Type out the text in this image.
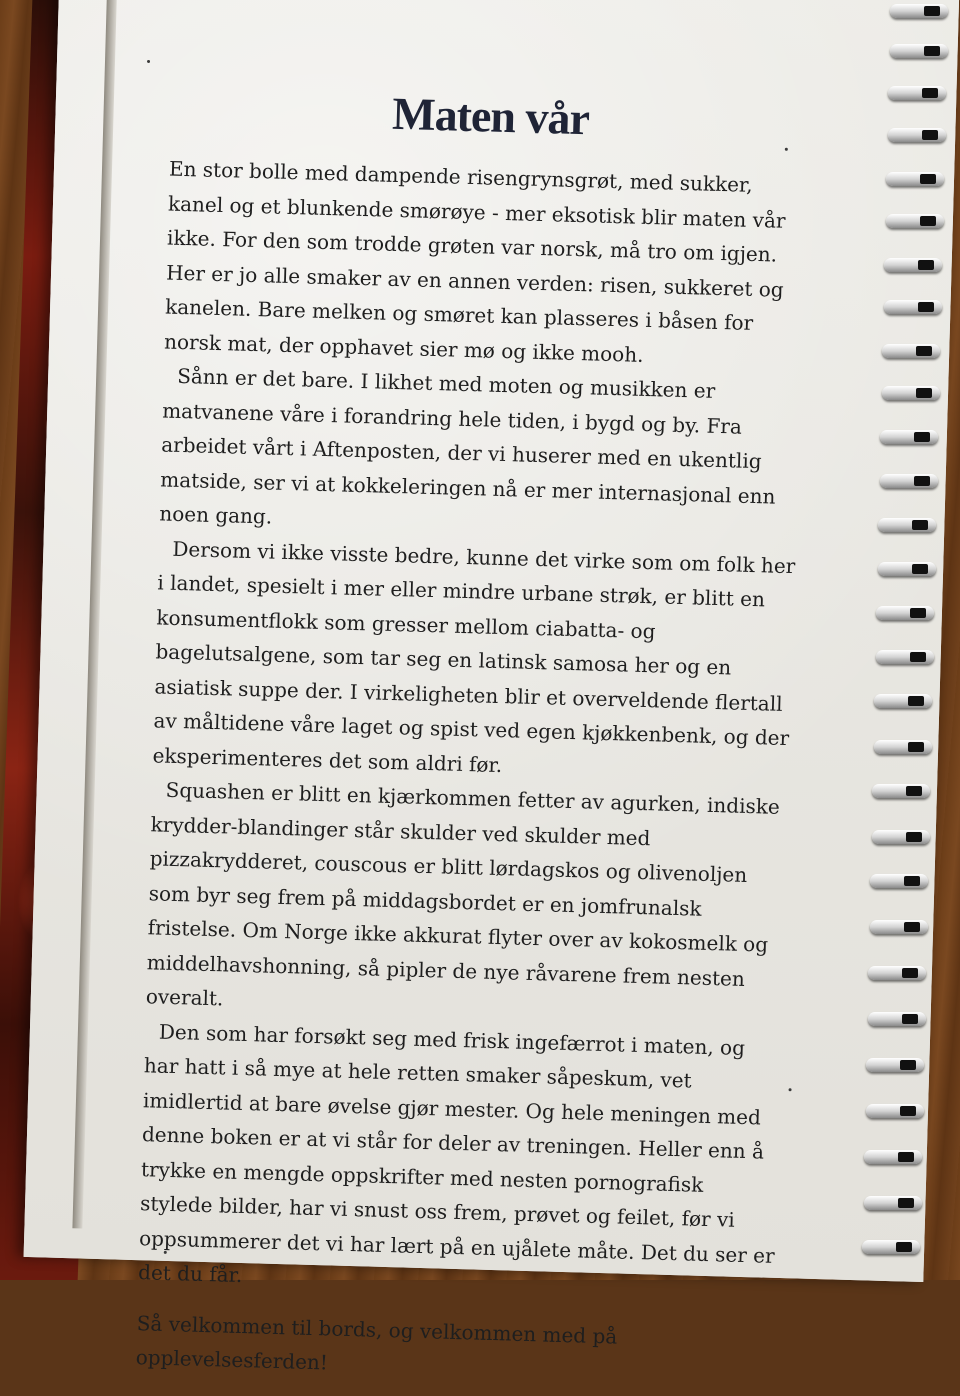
Maten vår

En stor bolle med dampende risengrynsgrøt, med sukker, kanel og et blunkende smørøye - mer eksotisk blir maten vår ikke. For den som trodde grøten var norsk, må tro om igjen. Her er jo alle smaker av en annen verden: risen, sukkeret og kanelen. Bare melken og smøret kan plasseres i båsen for norsk mat, der opphavet sier mø og ikke mooh.

Sånn er det bare. I likhet med moten og musikken er matvanene våre i forandring hele tiden, i bygd og by. Fra arbeidet vårt i Aftenposten, der vi huserer med en ukentlig matside, ser vi at kokkeleringen nå er mer internasjonal enn noen gang.

Dersom vi ikke visste bedre, kunne det virke som om folk her i landet, spesielt i mer eller mindre urbane strøk, er blitt en konsumentflokk som gresser mellom ciabatta- og bagelutsalgene, som tar seg en latinsk samosa her og en asiatisk suppe der. I virkeligheten blir et overveldende flertall av måltidene våre laget og spist ved egen kjøkkenbenk, og der eksperimenteres det som aldri før.

Squashen er blitt en kjærkommen fetter av agurken, indiske krydder-blandinger står skulder ved skulder med pizzakrydderet, couscous er blitt lørdagskos og olivenoljen som byr seg frem på middagsbordet er en jomfrunalsk fristelse. Om Norge ikke akkurat flyter over av kokosmelk og middelhavshonning, så pipler de nye råvarene frem nesten overalt.

Den som har forsøkt seg med frisk ingefærrot i maten, og har hatt i så mye at hele retten smaker såpeskum, vet imidlertid at bare øvelse gjør mester. Og hele meningen med denne boken er at vi står for deler av treningen. Heller enn å trykke en mengde oppskrifter med nesten pornografisk stylede bilder, har vi snust oss frem, prøvet og feilet, før vi oppsummerer det vi har lært på en ujålete måte. Det du ser er det du får.

Så velkommen til bords, og velkommen med på opplevelsesferden!
